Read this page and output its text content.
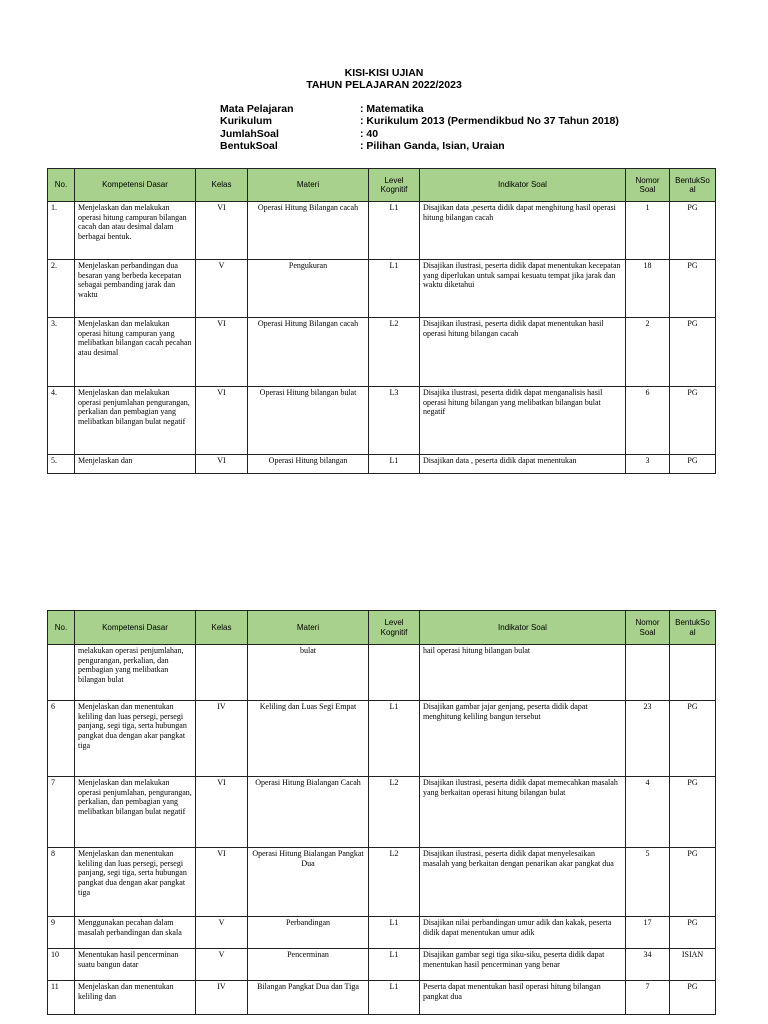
KISI-KISI UJIAN
TAHUN PELAJARAN 2022/2023
Mata Pelajaran	: Matematika
Kurikulum	: Kurikulum 2013 (Permendikbud No 37 Tahun 2018)
JumlahSoal	: 40
BentukSoal	: Pilihan Ganda, Isian, Uraian
No.	Kompetensi Dasar	Kelas	Materi	Level Kognitif	Indikator Soal	Nomor Soal	BentukSo al
1.	Menjelaskan dan melakukan operasi hitung campuran bilangan cacah dan atau desimal dalam berbagai bentuk.	VI	Operasi Hitung Bilangan cacah	L1	Disajikan data ,peserta didik dapat menghitung hasil operasi hitung bilangan cacah	1	PG
2.	Menjelaskan perbandingan dua besaran yang berbeda kecepatan sebagai pembanding jarak dan waktu	V	Pengukuran	L1	Disajikan ilustrasi, peserta didik dapat menentukan kecepatan yang diperlukan untuk sampai kesuatu tempat jika jarak dan waktu diketahui	18	PG
3.	Menjelaskan dan melakukan operasi hitung campuran yang melibatkan bilangan cacah pecahan atau desimal	VI	Operasi Hitung Bilangan cacah	L2	Disajikan ilustrasi, peserta didik dapat menentukan hasil operasi hitung bilangan cacah	2	PG
4.	Menjelaskan dan melakukan operasi penjumlahan pengurangan, perkalian dan pembagian yang melibatkan bilangan bulat negatif	VI	Operasi Hitung bilangan bulat	L3	Disajika ilustrasi, peserta didik dapat menganalisis hasil operasi hitung bilangan yang melibatkan bilangan bulat negatif	6	PG
5.	Menjelaskan dan	VI	Operasi Hitung bilangan	L1	Disajikan data , peserta didik dapat menentukan	3	PG
No.	Kompetensi Dasar	Kelas	Materi	Level Kognitif	Indikator Soal	Nomor Soal	BentukSo al
	melakukan operasi penjumlahan, pengurangan, perkalian, dan pembagian yang melibatkan bilangan bulat		bulat		hail operasi hitung bilangan bulat		
6	Menjelaskan dan menentukan keliling dan luas persegi, persegi panjang, segi tiga, serta hubungan pangkat dua dengan akar pangkat tiga	IV	Keliling dan Luas Segi Empat	L1	Disajikan gambar jajar genjang, peserta didik dapat menghitung keliling bangun tersebut	23	PG
7	Menjelaskan dan melakukan operasi penjumlahan, pengurangan, perkalian, dan pembagian yang melibatkan bilangan bulat negatif	VI	Operasi Hitung Bialangan Cacah	L2	Disajikan ilustrasi, peserta didik dapat memecahkan masalah yang berkaitan operasi hitung bilangan bulat	4	PG
8	Menjelaskan dan menentukan keliling dan luas persegi, persegi panjang, segi tiga, serta hubungan pangkat dua dengan akar pangkat tiga	VI	Operasi Hitung Bialangan Pangkat Dua	L2	Disajikan ilustrasi, peserta didik dapat menyelesaikan masalah yang berkaitan dengan penarikan akar pangkat dua	5	PG
9	Menggunakan pecahan dalam masalah perbandingan dan skala	V	Perbandingan	L1	Disajikan nilai perbandingan umur adik dan kakak, peserta didik dapat menentukan umur adik	17	PG
10	Menentukan hasil pencerminan suatu bangun datar	V	Pencerminan	L1	Disajikan gambar segi tiga siku-siku, peserta didik dapat menentukan hasil pencerminan yang benar	34	ISIAN
11	Menjelaskan dan menentukan keliling dan	IV	Bilangan Pangkat Dua dan Tiga	L1	Peserta dapat menentukan hasil operasi hitung bilangan pangkat dua	7	PG
